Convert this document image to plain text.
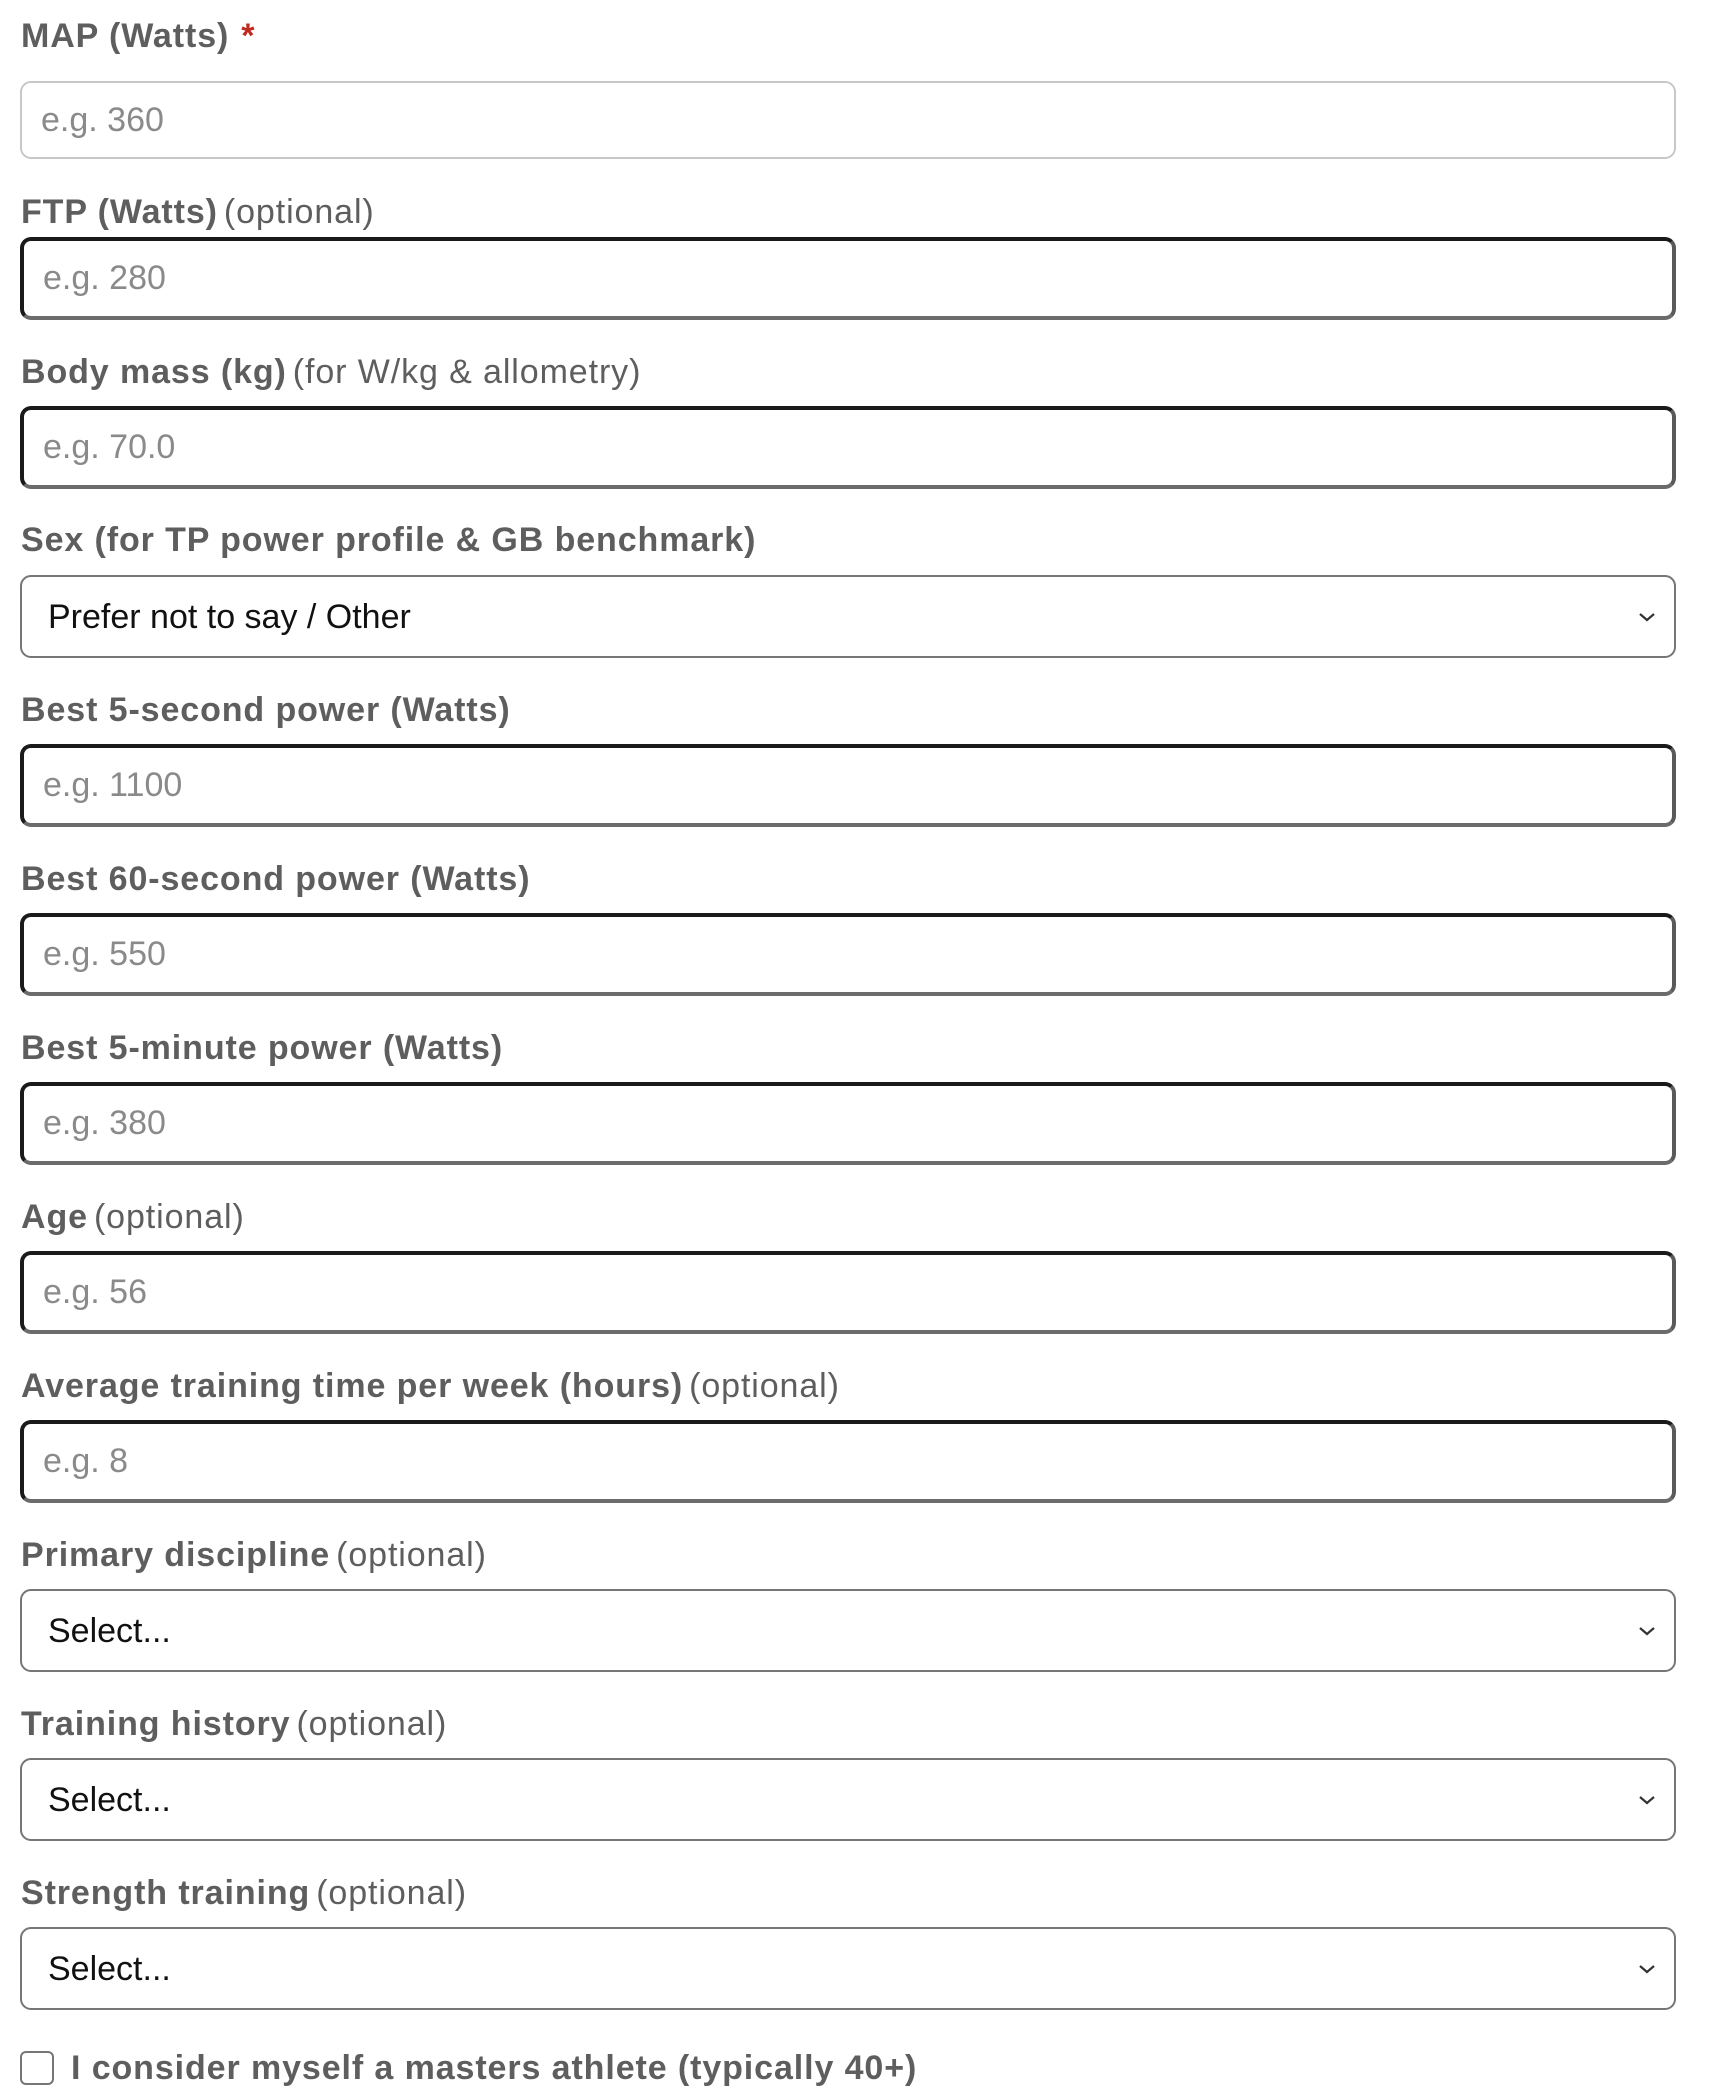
MAP (Watts) *
e.g. 360
FTP (Watts) (optional)
e.g. 280
Body mass (kg) (for W/kg & allometry)
e.g. 70.0
Sex (for TP power profile & GB benchmark)
Prefer not to say / Other
Best 5-second power (Watts)
e.g. 1100
Best 60-second power (Watts)
e.g. 550
Best 5-minute power (Watts)
e.g. 380
Age (optional)
e.g. 56
Average training time per week (hours) (optional)
e.g. 8
Primary discipline (optional)
Select...
Training history (optional)
Select...
Strength training (optional)
Select...
I consider myself a masters athlete (typically 40+)
